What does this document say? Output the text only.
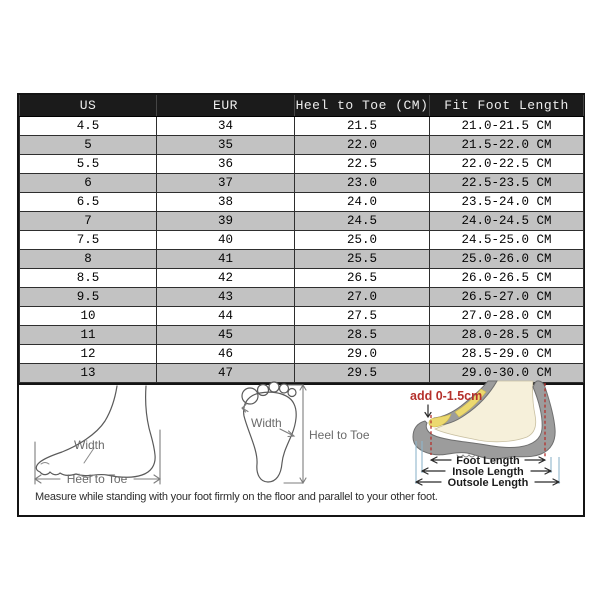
US	EUR	Heel to Toe (CM)	Fit Foot Length
4.5	34	21.5	21.0-21.5 CM
5	35	22.0	21.5-22.0 CM
5.5	36	22.5	22.0-22.5 CM
6	37	23.0	22.5-23.5 CM
6.5	38	24.0	23.5-24.0 CM
7	39	24.5	24.0-24.5 CM
7.5	40	25.0	24.5-25.0 CM
8	41	25.5	25.0-26.0 CM
8.5	42	26.5	26.0-26.5 CM
9.5	43	27.0	26.5-27.0 CM
10	44	27.5	27.0-28.0 CM
11	45	28.5	28.0-28.5 CM
12	46	29.0	28.5-29.0 CM
13	47	29.5	29.0-30.0 CM
Width
Heel to Toe
Width
Heel to Toe
add 0-1.5cm
Foot Length
Insole Length
Outsole Length
Measure while standing with your foot firmly on the floor and parallel to your other foot.
